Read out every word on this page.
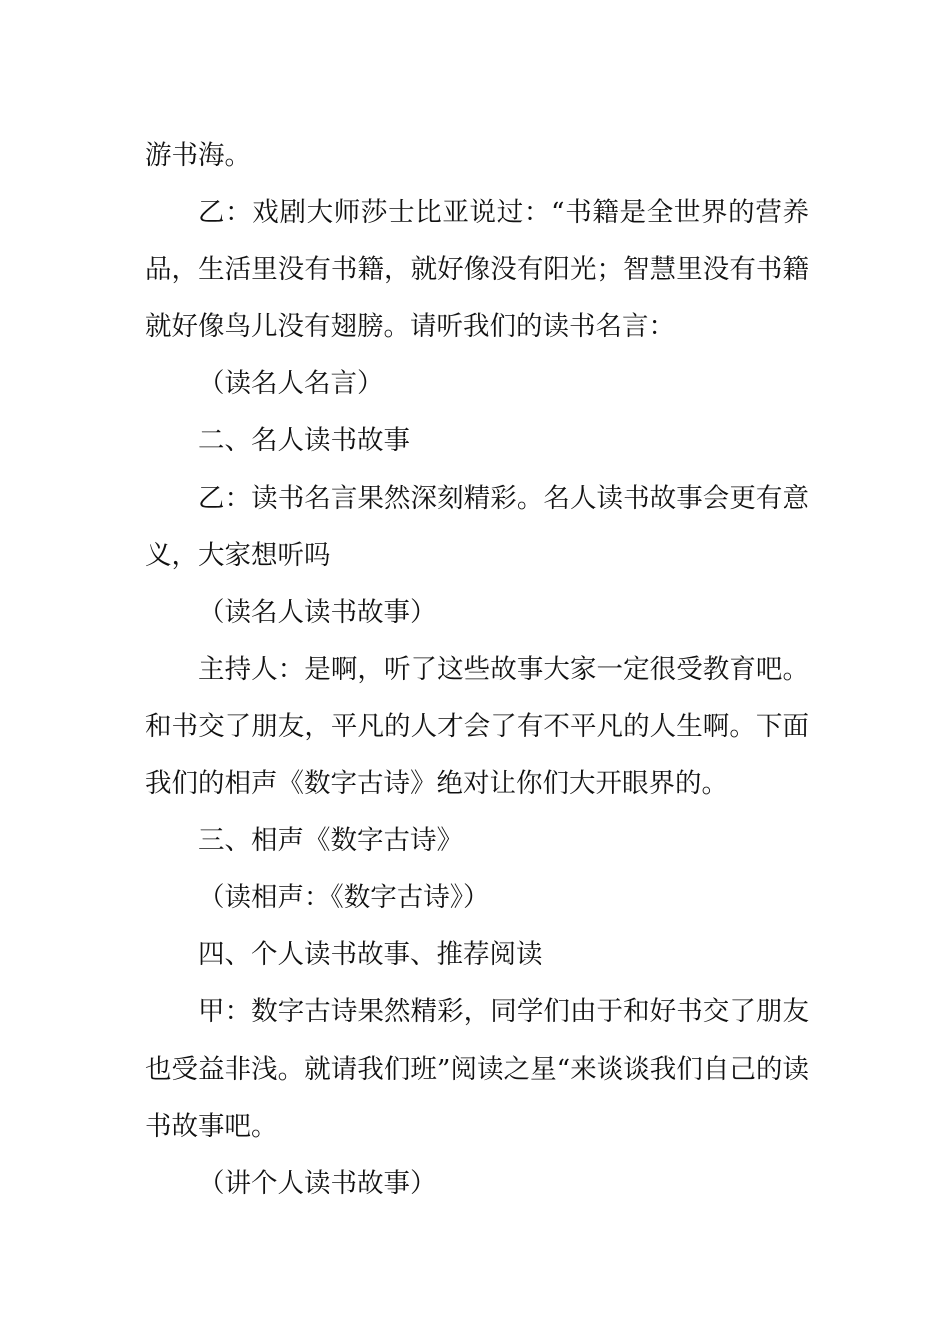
游书海。

乙：戏剧大师莎士比亚说过：“书籍是全世界的营养品，生活里没有书籍，就好像没有阳光；智慧里没有书籍就好像鸟儿没有翅膀。请听我们的读书名言：

（读名人名言）

二、名人读书故事

乙：读书名言果然深刻精彩。名人读书故事会更有意义，大家想听吗

（读名人读书故事）

主持人：是啊，听了这些故事大家一定很受教育吧。和书交了朋友，平凡的人才会了有不平凡的人生啊。下面我们的相声《数字古诗》绝对让你们大开眼界的。

三、相声《数字古诗》

（读相声：《数字古诗》）

四、个人读书故事、推荐阅读

甲：数字古诗果然精彩，同学们由于和好书交了朋友也受益非浅。就请我们班”阅读之星“来谈谈我们自己的读书故事吧。

（讲个人读书故事）
